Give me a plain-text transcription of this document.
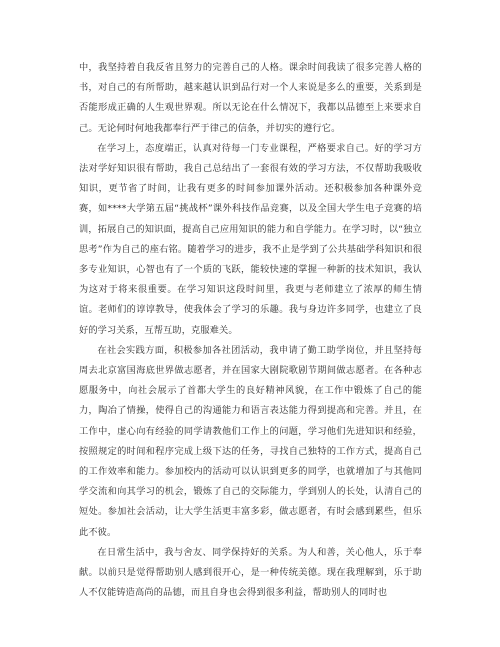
中，我坚持着自我反省且努力的完善自己的人格。课余时间我读了很多完善人格的书，对自己的有所帮助，越来越认识到品行对一个人来说是多么的重要，关系到是否能形成正确的人生观世界观。所以无论在什么情况下，我都以品德至上来要求自己。无论何时何地我都奉行严于律己的信条，并切实的遵行它。

在学习上，态度端正，认真对待每一门专业课程，严格要求自己。好的学习方法对学好知识很有帮助，我自己总结出了一套很有效的学习方法，不仅帮助我吸收知识，更节省了时间，让我有更多的时间参加课外活动。还积极参加各种课外竞赛，如****大学第五届“挑战杯”课外科技作品竞赛，以及全国大学生电子竞赛的培训，拓展自己的知识面，提高自己应用知识的能力和自学能力。在学习时，以“独立思考”作为自己的座右铭。随着学习的进步，我不止是学到了公共基础学科知识和很多专业知识，心智也有了一个质的飞跃，能较快速的掌握一种新的技术知识，我认为这对于将来很重要。在学习知识这段时间里，我更与老师建立了浓厚的师生情谊。老师们的谆谆教导，使我体会了学习的乐趣。我与身边许多同学，也建立了良好的学习关系，互帮互助，克服难关。

在社会实践方面，积极参加各社团活动，我申请了勤工助学岗位，并且坚持每周去北京富国海底世界做志愿者，并在国家大剧院歌剧节期间做志愿者。在各种志愿服务中，向社会展示了首都大学生的良好精神风貌，在工作中锻炼了自己的能力，陶冶了情操，使得自己的沟通能力和语言表达能力得到提高和完善。并且，在工作中，虚心向有经验的同学请教他们工作上的问题，学习他们先进知识和经验，按照规定的时间和程序完成上级下达的任务，寻找自己独特的工作方式，提高自己的工作效率和能力。参加校内的活动可以认识到更多的同学，也就增加了与其他同学交流和向其学习的机会，锻炼了自己的交际能力，学到别人的长处，认清自己的短处。参加社会活动，让大学生活更丰富多彩，做志愿者，有时会感到累些，但乐此不彼。

在日常生活中，我与舍友、同学保持好的关系。为人和善，关心他人，乐于奉献。以前只是觉得帮助别人感到很开心，是一种传统美德。现在我理解到，乐于助人不仅能铸造高尚的品德，而且自身也会得到很多利益，帮助别人的同时也
